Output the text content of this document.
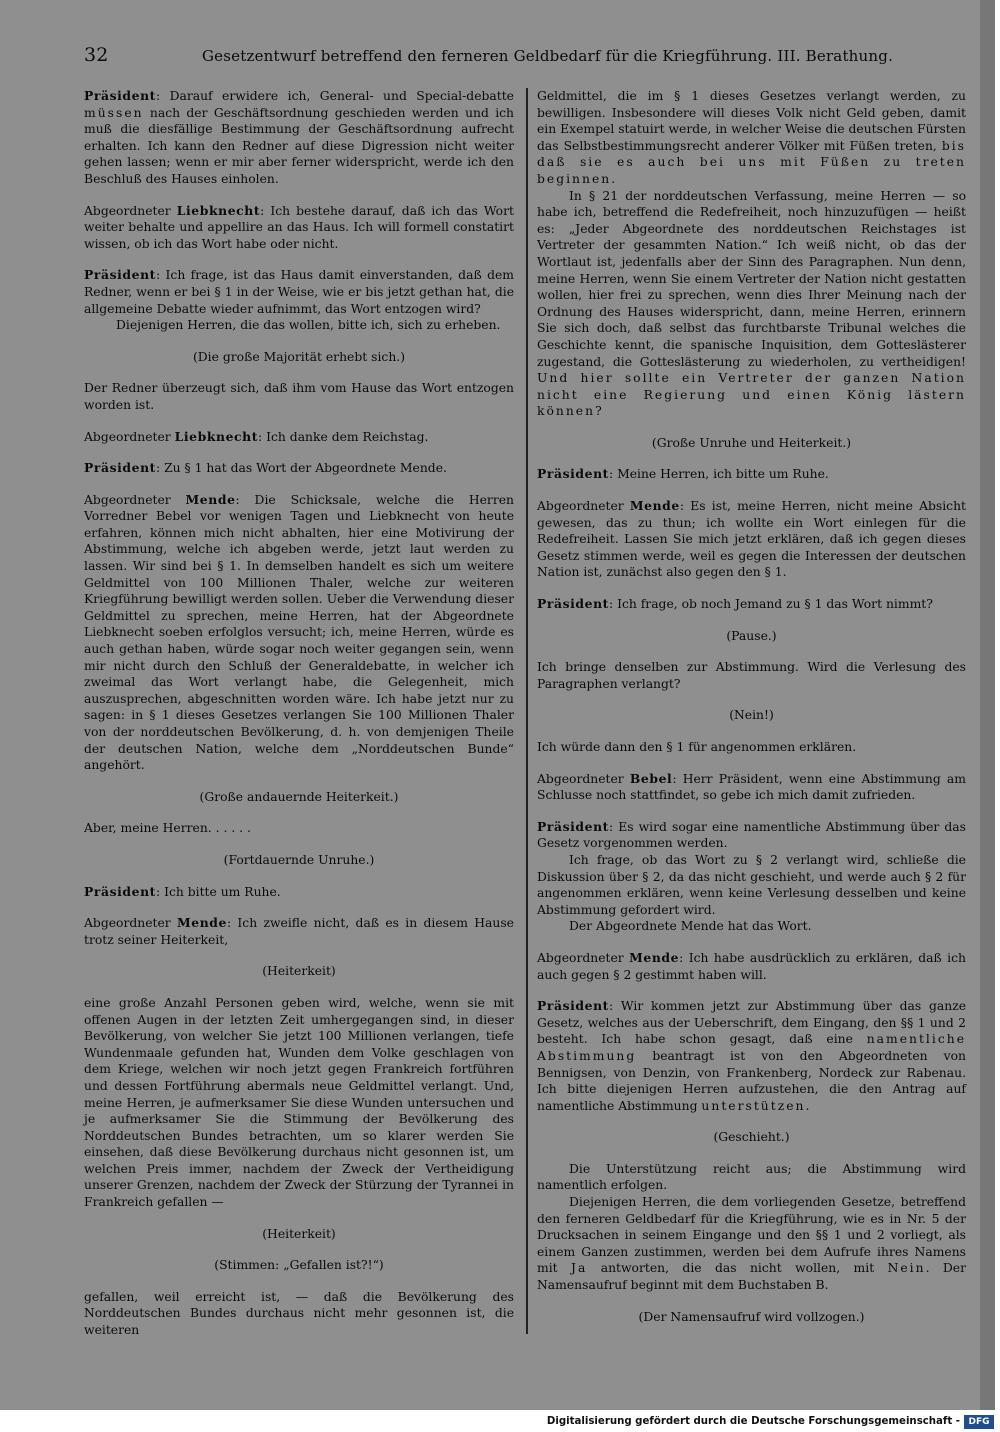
32	Gesetzentwurf betreffend den ferneren Geldbedarf für die Kriegführung. III. Berathung.
Präsident: Darauf erwidere ich, General- und Special-debatte müssen nach der Geschäftsordnung geschieden werden und ich muß die diesfällige Bestimmung der Geschäftsordnung aufrecht erhalten. Ich kann den Redner auf diese Digression nicht weiter gehen lassen; wenn er mir aber ferner widerspricht, werde ich den Beschluß des Hauses einholen.
Abgeordneter Liebknecht: Ich bestehe darauf, daß ich das Wort weiter behalte und appellire an das Haus. Ich will formell constatirt wissen, ob ich das Wort habe oder nicht.
Präsident: Ich frage, ist das Haus damit einverstanden, daß dem Redner, wenn er bei § 1 in der Weise, wie er bis jetzt gethan hat, die allgemeine Debatte wieder aufnimmt, das Wort entzogen wird?
Diejenigen Herren, die das wollen, bitte ich, sich zu erheben.
(Die große Majorität erhebt sich.)
Der Redner überzeugt sich, daß ihm vom Hause das Wort entzogen worden ist.
Abgeordneter Liebknecht: Ich danke dem Reichstag.
Präsident: Zu § 1 hat das Wort der Abgeordnete Mende.
Abgeordneter Mende: Die Schicksale, welche die Herren Vorredner Bebel vor wenigen Tagen und Liebknecht von heute erfahren, können mich nicht abhalten, hier eine Motivirung der Abstimmung, welche ich abgeben werde, jetzt laut werden zu lassen. Wir sind bei § 1. In demselben handelt es sich um weitere Geldmittel von 100 Millionen Thaler, welche zur weiteren Kriegführung bewilligt werden sollen. Ueber die Verwendung dieser Geldmittel zu sprechen, meine Herren, hat der Abgeordnete Liebknecht soeben erfolglos versucht; ich, meine Herren, würde es auch gethan haben, würde sogar noch weiter gegangen sein, wenn mir nicht durch den Schluß der Generaldebatte, in welcher ich zweimal das Wort verlangt habe, die Gelegenheit, mich auszusprechen, abgeschnitten worden wäre. Ich habe jetzt nur zu sagen: in § 1 dieses Gesetzes verlangen Sie 100 Millionen Thaler von der norddeutschen Bevölkerung, d. h. von demjenigen Theile der deutschen Nation, welche dem „Norddeutschen Bunde“ angehört.
(Große andauernde Heiterkeit.)
Aber, meine Herren. . . . . .
(Fortdauernde Unruhe.)
Präsident: Ich bitte um Ruhe.
Abgeordneter Mende: Ich zweifle nicht, daß es in diesem Hause trotz seiner Heiterkeit,
(Heiterkeit)
eine große Anzahl Personen geben wird, welche, wenn sie mit offenen Augen in der letzten Zeit umhergegangen sind, in dieser Bevölkerung, von welcher Sie jetzt 100 Millionen verlangen, tiefe Wundenmaale gefunden hat, Wunden dem Volke geschlagen von dem Kriege, welchen wir noch jetzt gegen Frankreich fortführen und dessen Fortführung abermals neue Geldmittel verlangt. Und, meine Herren, je aufmerksamer Sie diese Wunden untersuchen und je aufmerksamer Sie die Stimmung der Bevölkerung des Norddeutschen Bundes betrachten, um so klarer werden Sie einsehen, daß diese Bevölkerung durchaus nicht gesonnen ist, um welchen Preis immer, nachdem der Zweck der Vertheidigung unserer Grenzen, nachdem der Zweck der Stürzung der Tyrannei in Frankreich gefallen —
(Heiterkeit)
(Stimmen: „Gefallen ist?!“)
gefallen, weil erreicht ist, — daß die Bevölkerung des Norddeutschen Bundes durchaus nicht mehr gesonnen ist, die weiteren
Geldmittel, die im § 1 dieses Gesetzes verlangt werden, zu bewilligen. Insbesondere will dieses Volk nicht Geld geben, damit ein Exempel statuirt werde, in welcher Weise die deutschen Fürsten das Selbstbestimmungsrecht anderer Völker mit Füßen treten, bis daß sie es auch bei uns mit Füßen zu treten beginnen.
In § 21 der norddeutschen Verfassung, meine Herren — so habe ich, betreffend die Redefreiheit, noch hinzuzufügen — heißt es: „Jeder Abgeordnete des norddeutschen Reichstages ist Vertreter der gesammten Nation.“ Ich weiß nicht, ob das der Wortlaut ist, jedenfalls aber der Sinn des Paragraphen. Nun denn, meine Herren, wenn Sie einem Vertreter der Nation nicht gestatten wollen, hier frei zu sprechen, wenn dies Ihrer Meinung nach der Ordnung des Hauses widerspricht, dann, meine Herren, erinnern Sie sich doch, daß selbst das furchtbarste Tribunal welches die Geschichte kennt, die spanische Inquisition, dem Gotteslästerer zugestand, die Gotteslästerung zu wiederholen, zu vertheidigen! Und hier sollte ein Vertreter der ganzen Nation nicht eine Regierung und einen König lästern können?
(Große Unruhe und Heiterkeit.)
Präsident: Meine Herren, ich bitte um Ruhe.
Abgeordneter Mende: Es ist, meine Herren, nicht meine Absicht gewesen, das zu thun; ich wollte ein Wort einlegen für die Redefreiheit. Lassen Sie mich jetzt erklären, daß ich gegen dieses Gesetz stimmen werde, weil es gegen die Interessen der deutschen Nation ist, zunächst also gegen den § 1.
Präsident: Ich frage, ob noch Jemand zu § 1 das Wort nimmt?
(Pause.)
Ich bringe denselben zur Abstimmung. Wird die Verlesung des Paragraphen verlangt?
(Nein!)
Ich würde dann den § 1 für angenommen erklären.
Abgeordneter Bebel: Herr Präsident, wenn eine Abstimmung am Schlusse noch stattfindet, so gebe ich mich damit zufrieden.
Präsident: Es wird sogar eine namentliche Abstimmung über das Gesetz vorgenommen werden.
Ich frage, ob das Wort zu § 2 verlangt wird, schließe die Diskussion über § 2, da das nicht geschieht, und werde auch § 2 für angenommen erklären, wenn keine Verlesung desselben und keine Abstimmung gefordert wird.
Der Abgeordnete Mende hat das Wort.
Abgeordneter Mende: Ich habe ausdrücklich zu erklären, daß ich auch gegen § 2 gestimmt haben will.
Präsident: Wir kommen jetzt zur Abstimmung über das ganze Gesetz, welches aus der Ueberschrift, dem Eingang, den §§ 1 und 2 besteht. Ich habe schon gesagt, daß eine namentliche Abstimmung beantragt ist von den Abgeordneten von Bennigsen, von Denzin, von Frankenberg, Nordeck zur Rabenau. Ich bitte diejenigen Herren aufzustehen, die den Antrag auf namentliche Abstimmung unterstützen.
(Geschieht.)
Die Unterstützung reicht aus; die Abstimmung wird namentlich erfolgen.
Diejenigen Herren, die dem vorliegenden Gesetze, betreffend den ferneren Geldbedarf für die Kriegführung, wie es in Nr. 5 der Drucksachen in seinem Eingange und den §§ 1 und 2 vorliegt, als einem Ganzen zustimmen, werden bei dem Aufrufe ihres Namens mit Ja antworten, die das nicht wollen, mit Nein. Der Namensaufruf beginnt mit dem Buchstaben B.
(Der Namensaufruf wird vollzogen.)
Digitalisierung gefördert durch die Deutsche Forschungsgemeinschaft - DFG
